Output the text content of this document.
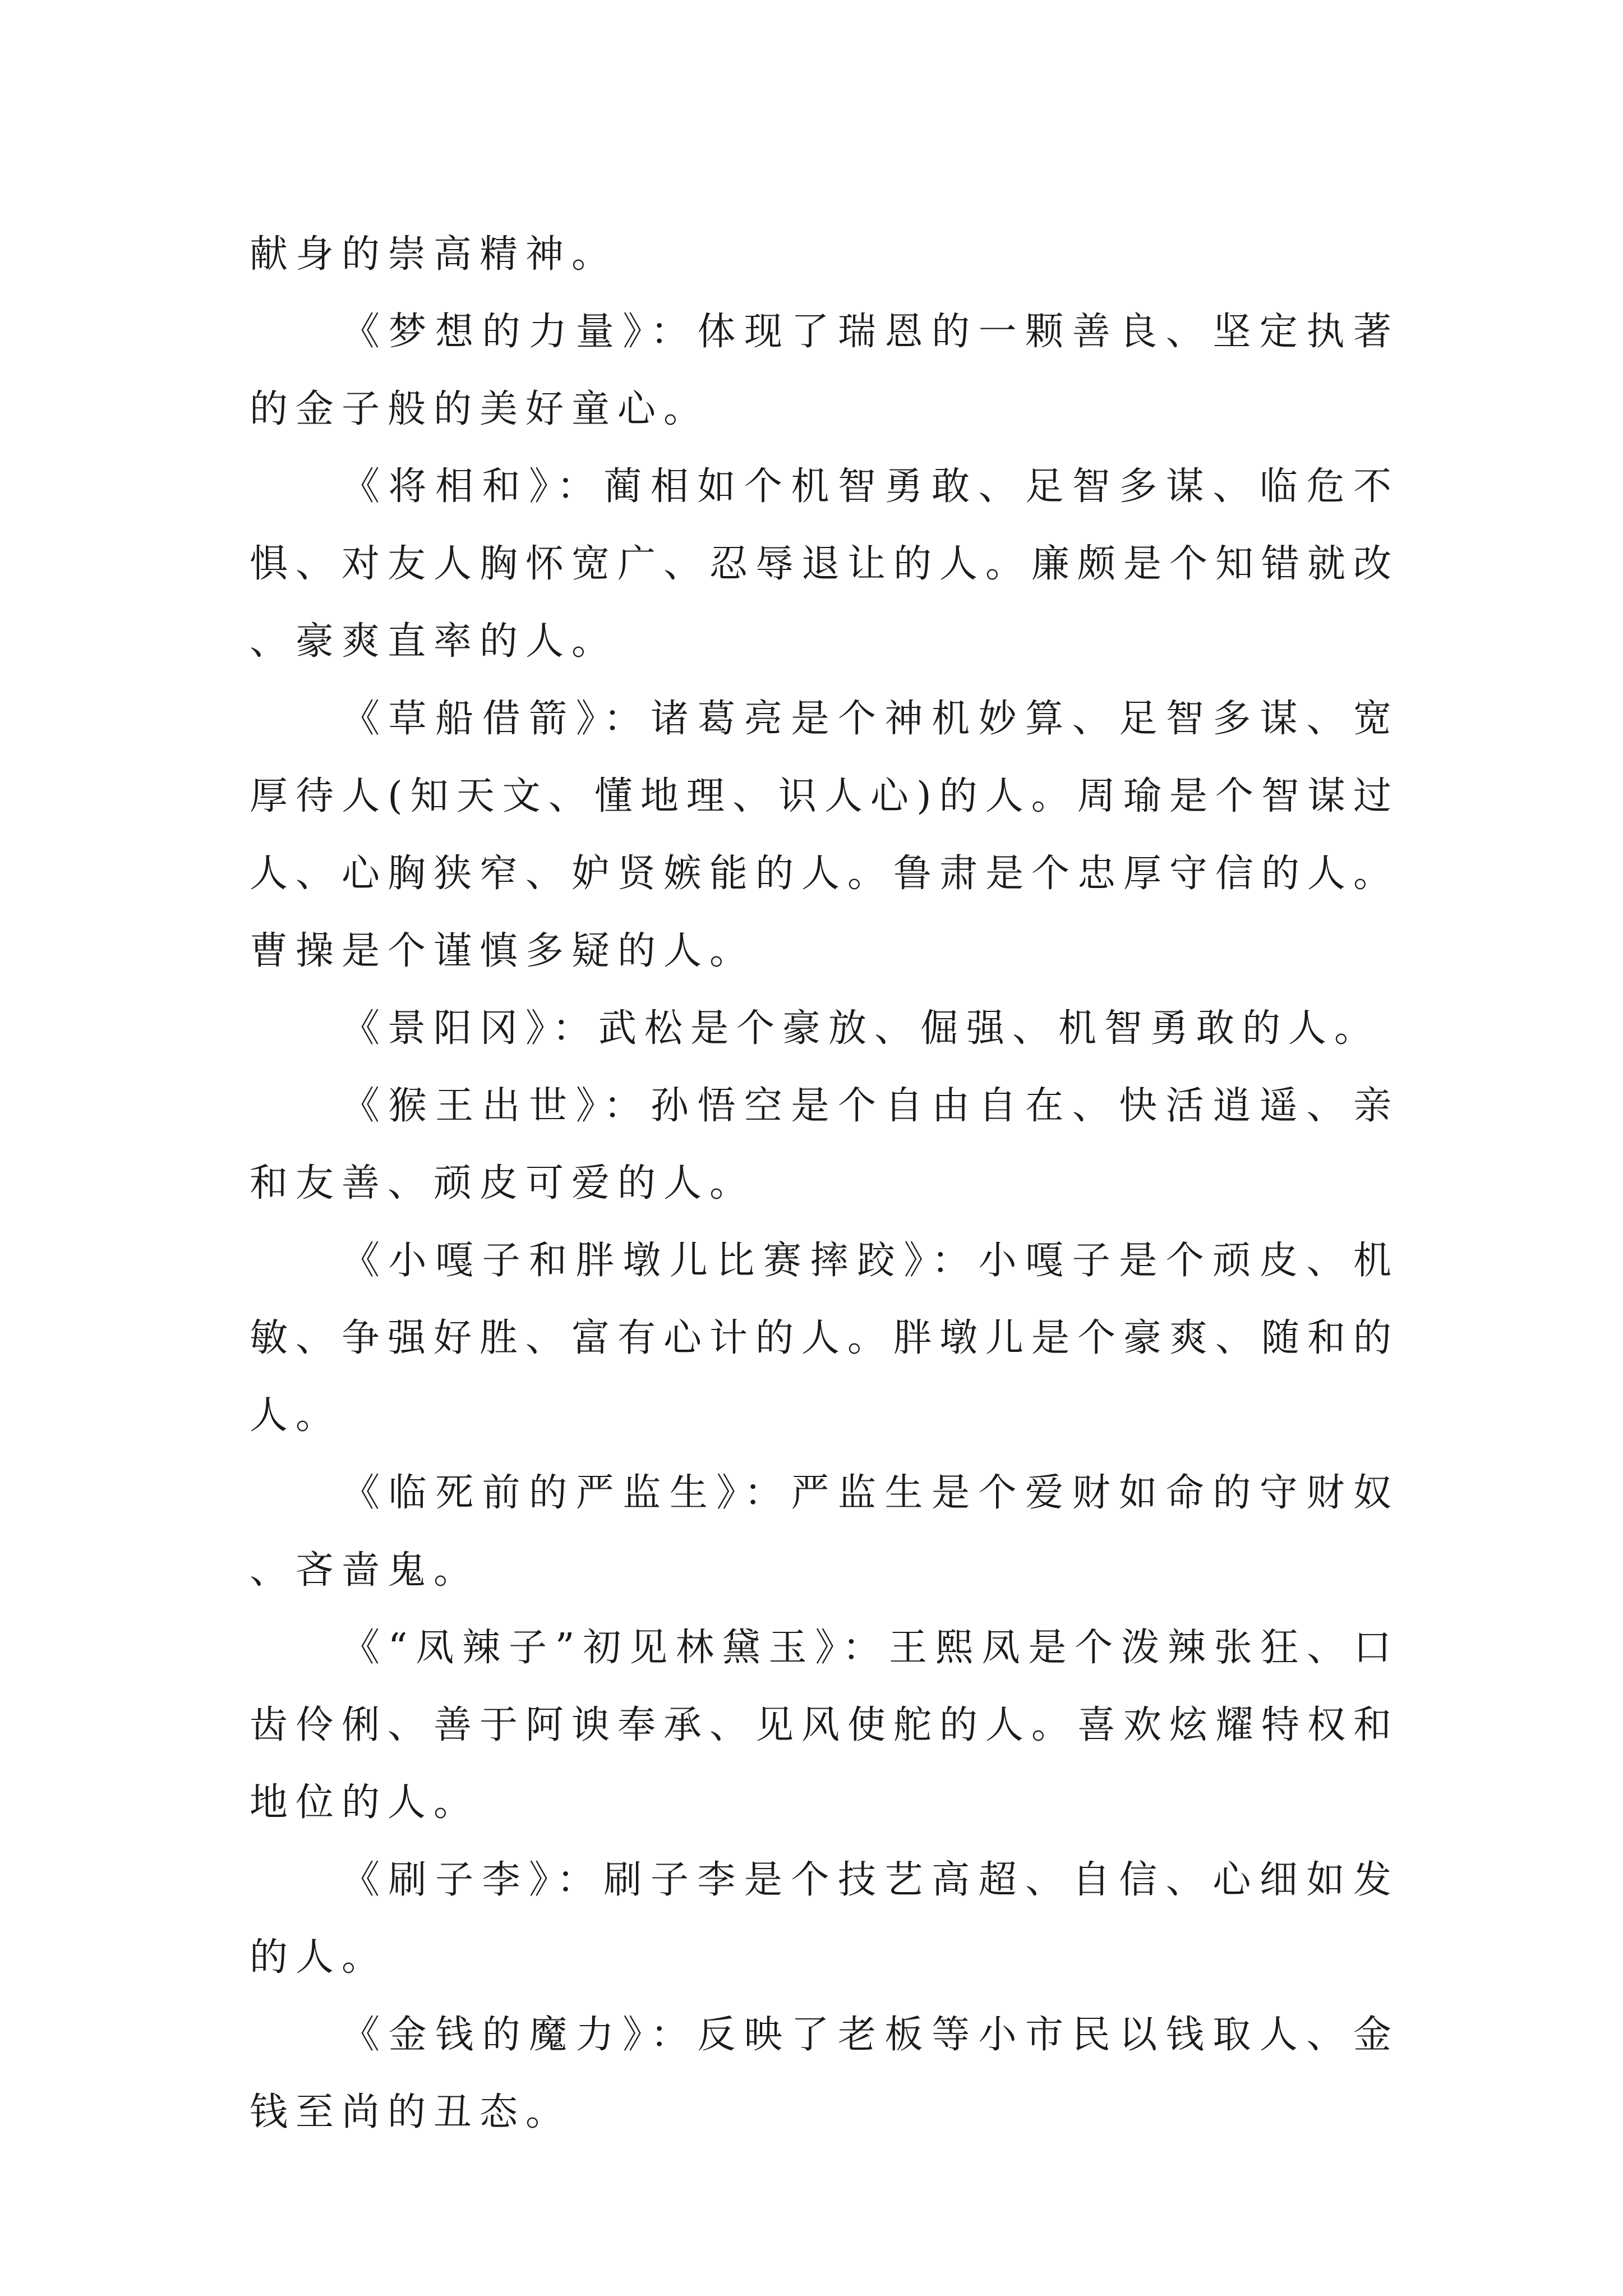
献身的崇高精神。

《梦想的力量》：体现了瑞恩的一颗善良、坚定执著的金子般的美好童心。

《将相和》：蔺相如个机智勇敢、足智多谋、临危不惧、对友人胸怀宽广、忍辱退让的人。廉颇是个知错就改、豪爽直率的人。

《草船借箭》：诸葛亮是个神机妙算、足智多谋、宽厚待人(知天文、懂地理、识人心)的人。周瑜是个智谋过人、心胸狭窄、妒贤嫉能的人。鲁肃是个忠厚守信的人。曹操是个谨慎多疑的人。

《景阳冈》：武松是个豪放、倔强、机智勇敢的人。

《猴王出世》：孙悟空是个自由自在、快活逍遥、亲和友善、顽皮可爱的人。

《小嘎子和胖墩儿比赛摔跤》：小嘎子是个顽皮、机敏、争强好胜、富有心计的人。胖墩儿是个豪爽、随和的人。

《临死前的严监生》：严监生是个爱财如命的守财奴、吝啬鬼。

《“凤辣子”初见林黛玉》：王熙凤是个泼辣张狂、口齿伶俐、善于阿谀奉承、见风使舵的人。喜欢炫耀特权和地位的人。

《刷子李》：刷子李是个技艺高超、自信、心细如发的人。

《金钱的魔力》：反映了老板等小市民以钱取人、金钱至尚的丑态。
